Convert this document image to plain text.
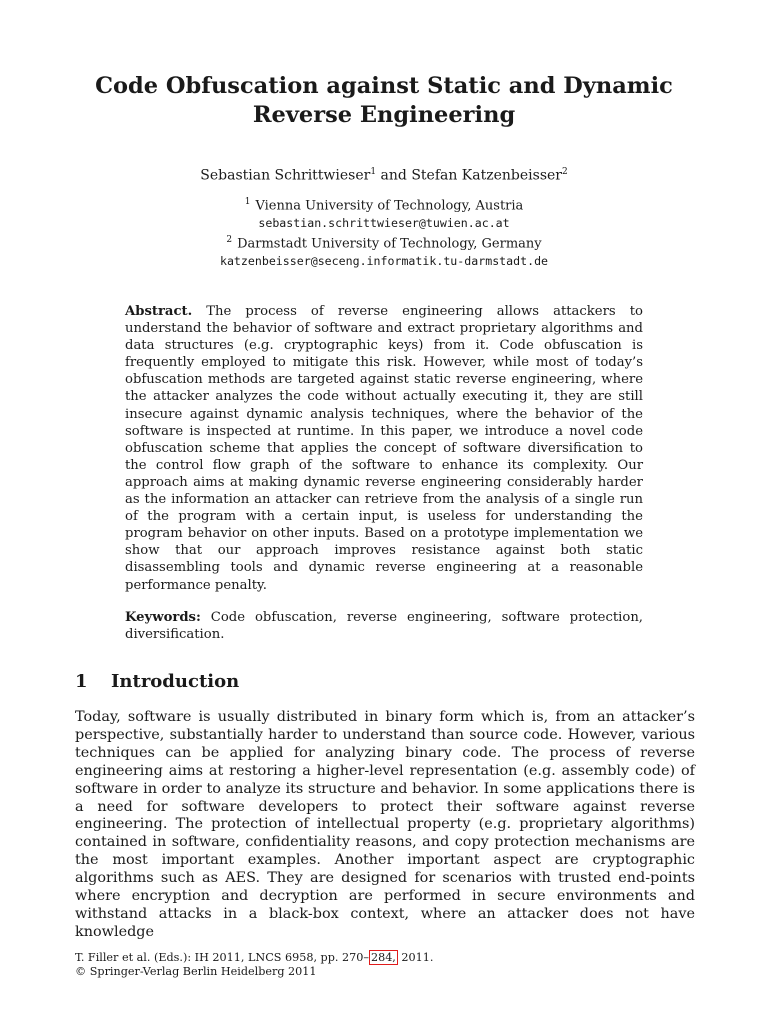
Code Obfuscation against Static and Dynamic
Reverse Engineering
Sebastian Schrittwieser$^1$ and Stefan Katzenbeisser$^2$
$^1$ Vienna University of Technology, Austria
sebastian.schrittwieser@tuwien.ac.at
$^2$ Darmstadt University of Technology, Germany
katzenbeisser@seceng.informatik.tu-darmstadt.de
Abstract. The process of reverse engineering allows attackers to understand the behavior of software and extract proprietary algorithms and data structures (e.g. cryptographic keys) from it. Code obfuscation is frequently employed to mitigate this risk. However, while most of today’s obfuscation methods are targeted against static reverse engineering, where the attacker analyzes the code without actually executing it, they are still insecure against dynamic analysis techniques, where the behavior of the software is inspected at runtime. In this paper, we introduce a novel code obfuscation scheme that applies the concept of software diversification to the control flow graph of the software to enhance its complexity. Our approach aims at making dynamic reverse engineering considerably harder as the information an attacker can retrieve from the analysis of a single run of the program with a certain input, is useless for understanding the program behavior on other inputs. Based on a prototype implementation we show that our approach improves resistance against both static disassembling tools and dynamic reverse engineering at a reasonable performance penalty.
Keywords: Code obfuscation, reverse engineering, software protection, diversification.
1 Introduction
Today, software is usually distributed in binary form which is, from an attacker’s perspective, substantially harder to understand than source code. However, various techniques can be applied for analyzing binary code. The process of reverse engineering aims at restoring a higher-level representation (e.g. assembly code) of software in order to analyze its structure and behavior. In some applications there is a need for software developers to protect their software against reverse engineering. The protection of intellectual property (e.g. proprietary algorithms) contained in software, confidentiality reasons, and copy protection mechanisms are the most important examples. Another important aspect are cryptographic algorithms such as AES. They are designed for scenarios with trusted end-points where encryption and decryption are performed in secure environments and withstand attacks in a black-box context, where an attacker does not have knowledge
T. Filler et al. (Eds.): IH 2011, LNCS 6958, pp. 270– 284, 2011.
© Springer-Verlag Berlin Heidelberg 2011
